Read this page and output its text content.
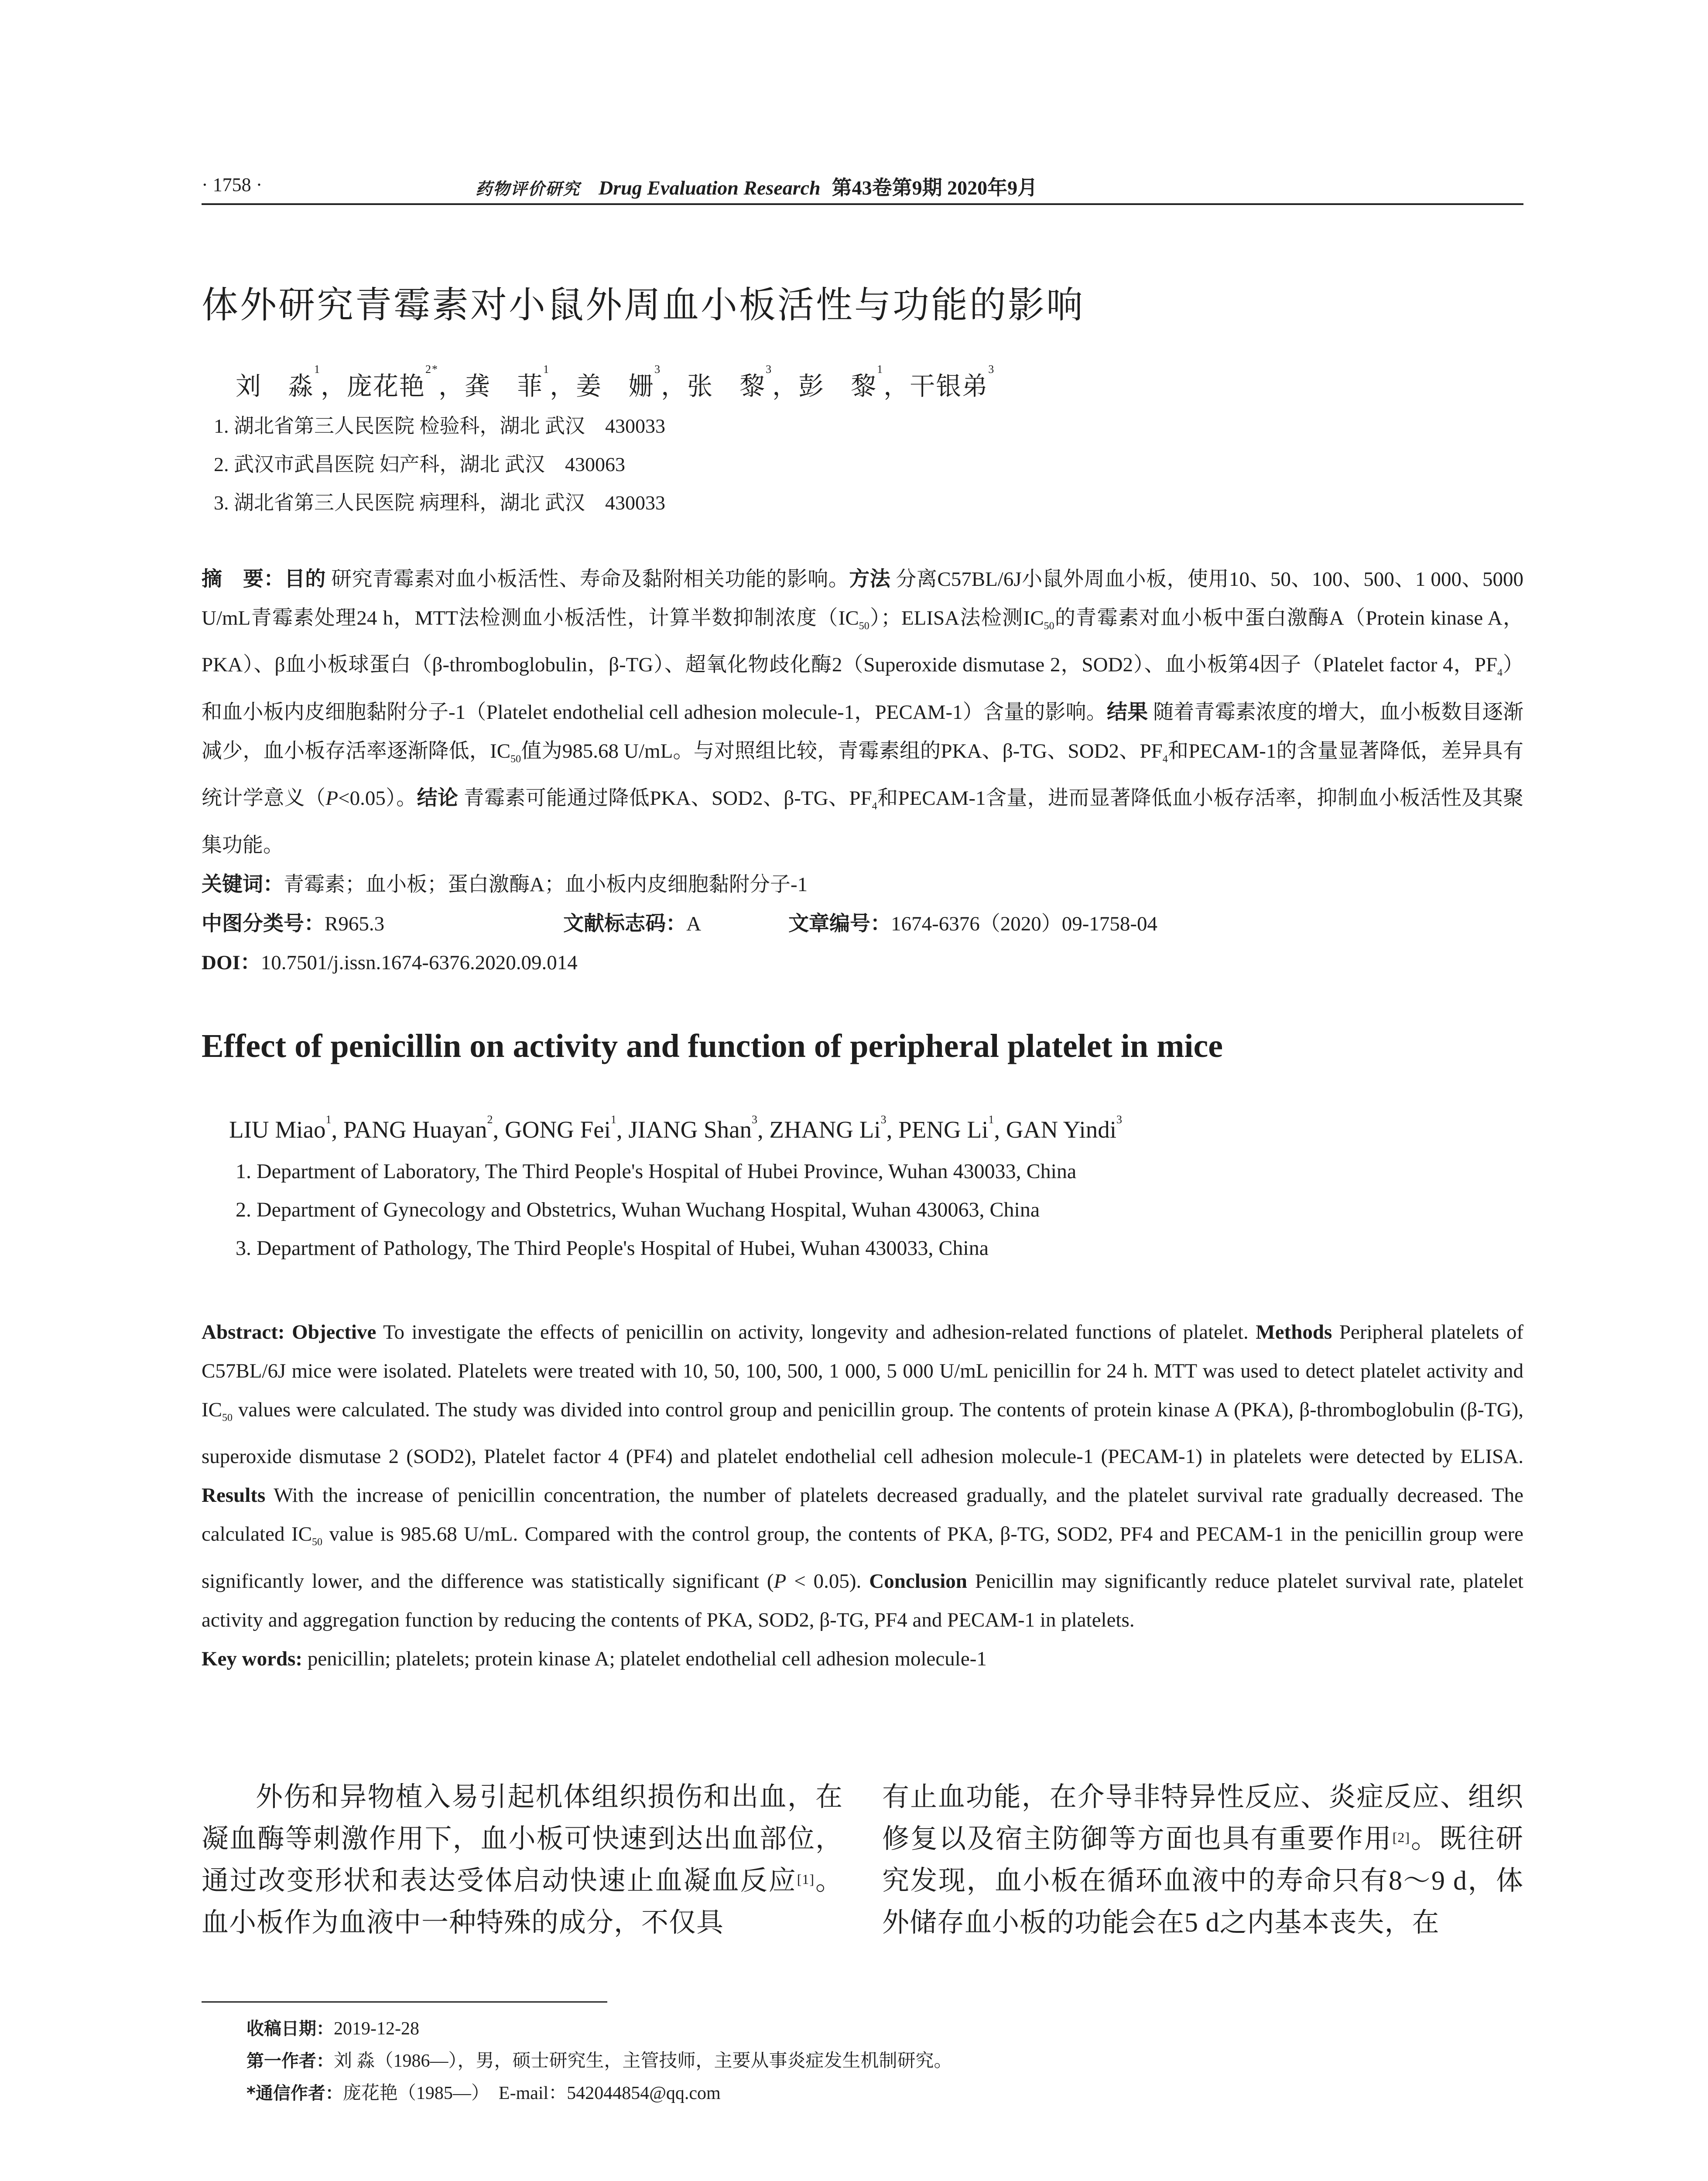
· 1758 ·	药物评价研究 Drug Evaluation Research 第43卷第9期 2020年9月
体外研究青霉素对小鼠外周血小板活性与功能的影响
刘　淼$^1$，庞花艳$^{2*}$，龚　菲$^1$，姜　姗$^3$，张　黎$^3$，彭　黎$^1$，干银弟$^3$
1. 湖北省第三人民医院 检验科，湖北 武汉　430033
2. 武汉市武昌医院 妇产科，湖北 武汉　430063
3. 湖北省第三人民医院 病理科，湖北 武汉　430033

摘　要：目的 研究青霉素对血小板活性、寿命及黏附相关功能的影响。方法 分离C57BL/6J小鼠外周血小板，使用10、50、100、500、1 000、5000 U/mL青霉素处理24 h，MTT法检测血小板活性，计算半数抑制浓度$(IC_{50})$；ELISA法检测$IC_{50}$的青霉素对血小板中蛋白激酶A（Protein kinase A，PKA）、β血小板球蛋白（β-thromboglobulin，β-TG）、超氧化物歧化酶2（Superoxide dismutase 2，SOD2）、血小板第4因子（Platelet factor 4，$PF_4$）和血小板内皮细胞黏附分子-1（Platelet endothelial cell adhesion molecule-1，PECAM-1）含量的影响。结果 随着青霉素浓度的增大，血小板数目逐渐减少，血小板存活率逐渐降低，$IC_{50}$值为985.68 U/mL。与对照组比较，青霉素组的PKA、β-TG、SOD2、$PF_4$和PECAM-1的含量显著降低，差异具有统计学意义（P<0.05）。结论 青霉素可能通过降低PKA、SOD2、β-TG、$PF_4$和PECAM-1含量，进而显著降低血小板存活率，抑制血小板活性及其聚集功能。

关键词：青霉素；血小板；蛋白激酶A；血小板内皮细胞黏附分子-1

中图分类号：R965.3	文献标志码：A	文章编号：1674-6376（2020）09-1758-04

DOI：10.7501/j.issn.1674-6376.2020.09.014

Effect of penicillin on activity and function of peripheral platelet in mice
LIU Miao$^1$, PANG Huayan$^2$, GONG Fei$^1$, JIANG Shan$^3$, ZHANG Li$^3$, PENG Li$^1$, GAN Yindi$^3$
1. Department of Laboratory, The Third People's Hospital of Hubei Province, Wuhan 430033, China
2. Department of Gynecology and Obstetrics, Wuhan Wuchang Hospital, Wuhan 430063, China
3. Department of Pathology, The Third People's Hospital of Hubei, Wuhan 430033, China

Abstract: Objective To investigate the effects of penicillin on activity, longevity and adhesion-related functions of platelet. Methods Peripheral platelets of C57BL/6J mice were isolated. Platelets were treated with 10, 50, 100, 500, 1 000, 5 000 U/mL penicillin for 24 h. MTT was used to detect platelet activity and $IC_{50}$ values were calculated. The study was divided into control group and penicillin group. The contents of protein kinase A (PKA), β-thromboglobulin (β-TG), superoxide dismutase 2 (SOD2), Platelet factor 4 (PF4) and platelet endothelial cell adhesion molecule-1 (PECAM-1) in platelets were detected by ELISA. Results With the increase of penicillin concentration, the number of platelets decreased gradually, and the platelet survival rate gradually decreased. The calculated $IC_{50}$ value is 985.68 U/mL. Compared with the control group, the contents of PKA, β-TG, SOD2, PF4 and PECAM-1 in the penicillin group were significantly lower, and the difference was statistically significant (P < 0.05). Conclusion Penicillin may significantly reduce platelet survival rate, platelet activity and aggregation function by reducing the contents of PKA, SOD2, β-TG, PF4 and PECAM-1 in platelets.

Key words: penicillin; platelets; protein kinase A; platelet endothelial cell adhesion molecule-1

外伤和异物植入易引起机体组织损伤和出血，在凝血酶等刺激作用下，血小板可快速到达出血部位，通过改变形状和表达受体启动快速止血凝血反应[1]。血小板作为血液中一种特殊的成分，不仅具

有止血功能，在介导非特异性反应、炎症反应、组织修复以及宿主防御等方面也具有重要作用[2]。既往研究发现，血小板在循环血液中的寿命只有8～9 d，体外储存血小板的功能会在5 d之内基本丧失，在

收稿日期：2019-12-28
第一作者：刘 淼（1986—），男，硕士研究生，主管技师，主要从事炎症发生机制研究。
*通信作者：庞花艳（1985—）　E-mail：542044854@qq.com
